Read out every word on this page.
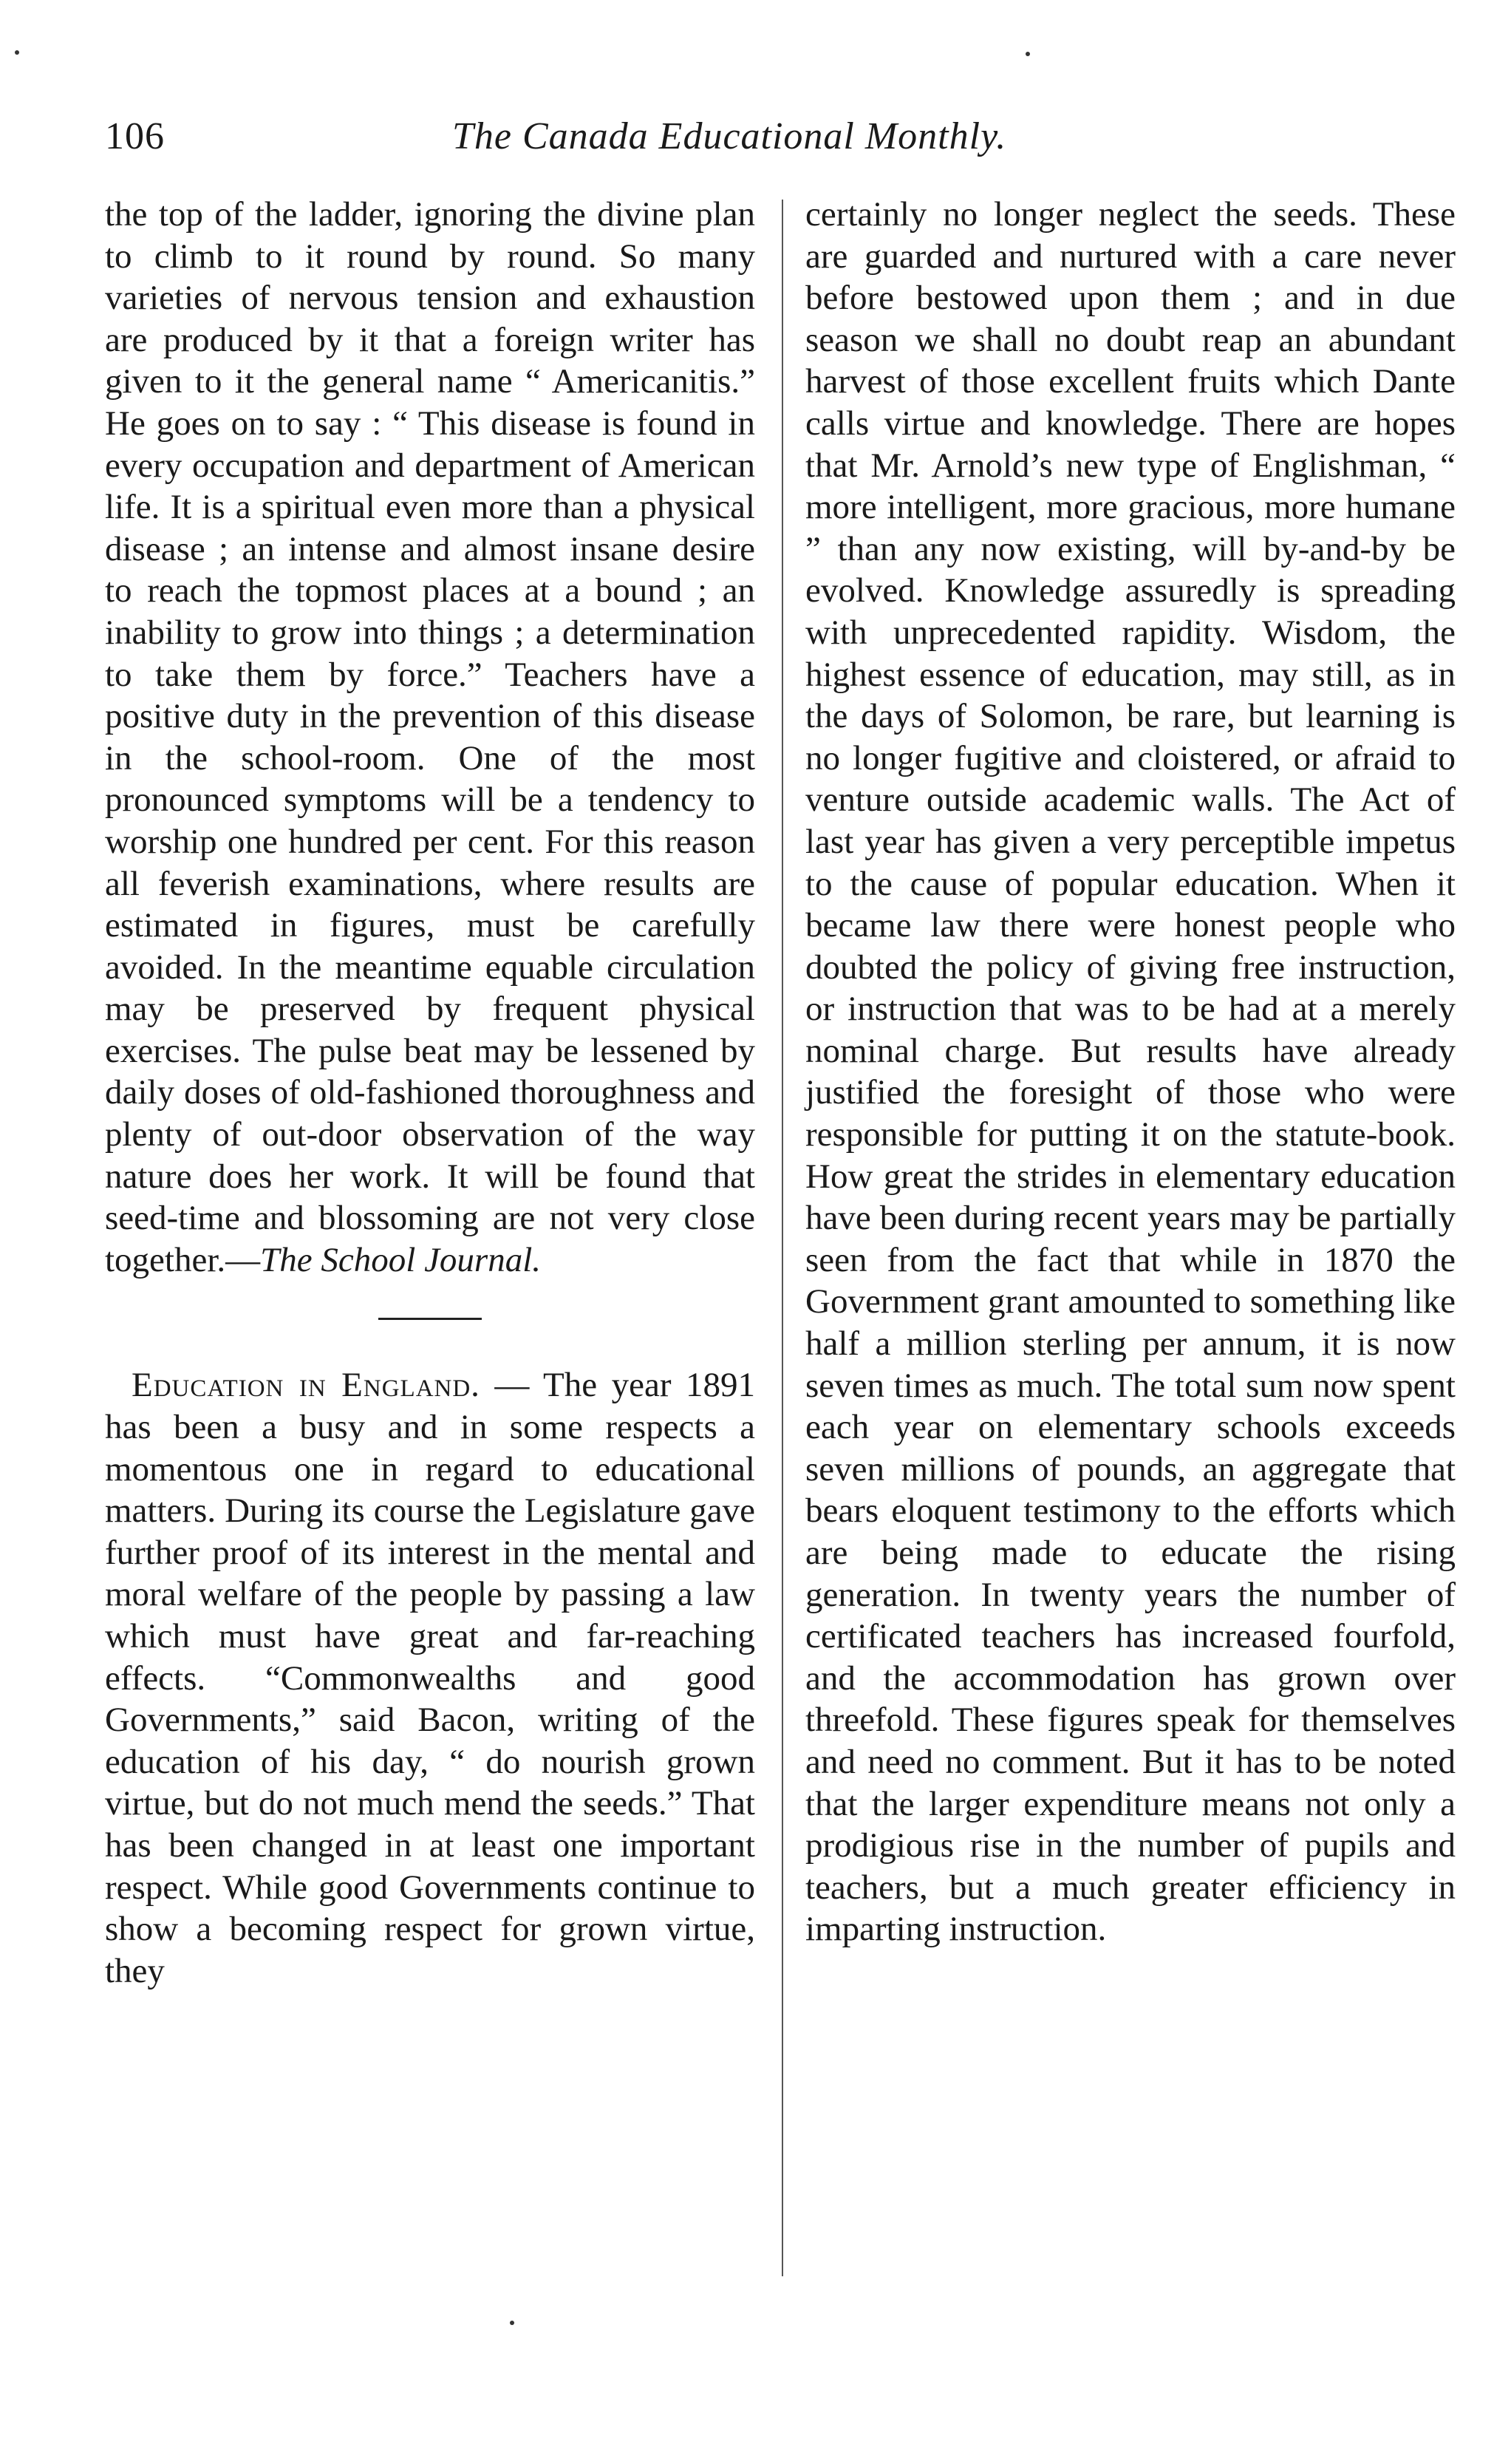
106	The Canada Educational Monthly.

the top of the ladder, ignoring the divine plan to climb to it round by round. So many varieties of nervous tension and exhaustion are produced by it that a foreign writer has given to it the general name “ Americanitis.” He goes on to say : “ This disease is found in every occupation and department of American life. It is a spiritual even more than a physical disease ; an intense and almost insane desire to reach the topmost places at a bound ; an inability to grow into things ; a determination to take them by force.” Teachers have a positive duty in the prevention of this disease in the school-room. One of the most pronounced symptoms will be a tendency to worship one hundred per cent. For this reason all feverish examinations, where results are estimated in figures, must be carefully avoided. In the meantime equable circulation may be preserved by frequent physical exercises. The pulse beat may be lessened by daily doses of old-fashioned thoroughness and plenty of out-door observation of the way nature does her work. It will be found that seed-time and blossoming are not very close together.—The School Journal.

Education in England. — The year 1891 has been a busy and in some respects a momentous one in regard to educational matters. During its course the Legislature gave further proof of its interest in the mental and moral welfare of the people by passing a law which must have great and far-reaching effects. “Commonwealths and good Governments,” said Bacon, writing of the education of his day, “ do nourish grown virtue, but do not much mend the seeds.” That has been changed in at least one important respect. While good Governments continue to show a becoming respect for grown virtue, they

certainly no longer neglect the seeds. These are guarded and nurtured with a care never before bestowed upon them ; and in due season we shall no doubt reap an abundant harvest of those excellent fruits which Dante calls virtue and knowledge. There are hopes that Mr. Arnold’s new type of Englishman, “ more intelligent, more gracious, more humane ” than any now existing, will by-and-by be evolved. Knowledge assuredly is spreading with unprecedented rapidity. Wisdom, the highest essence of education, may still, as in the days of Solomon, be rare, but learning is no longer fugitive and cloistered, or afraid to venture outside academic walls. The Act of last year has given a very perceptible impetus to the cause of popular education. When it became law there were honest people who doubted the policy of giving free instruction, or instruction that was to be had at a merely nominal charge. But results have already justified the foresight of those who were responsible for putting it on the statute-book. How great the strides in elementary education have been during recent years may be partially seen from the fact that while in 1870 the Government grant amounted to something like half a million sterling per annum, it is now seven times as much. The total sum now spent each year on elementary schools exceeds seven millions of pounds, an aggregate that bears eloquent testimony to the efforts which are being made to educate the rising generation. In twenty years the number of certificated teachers has increased fourfold, and the accommodation has grown over threefold. These figures speak for themselves and need no comment. But it has to be noted that the larger expenditure means not only a prodigious rise in the number of pupils and teachers, but a much greater efficiency in imparting instruction.
